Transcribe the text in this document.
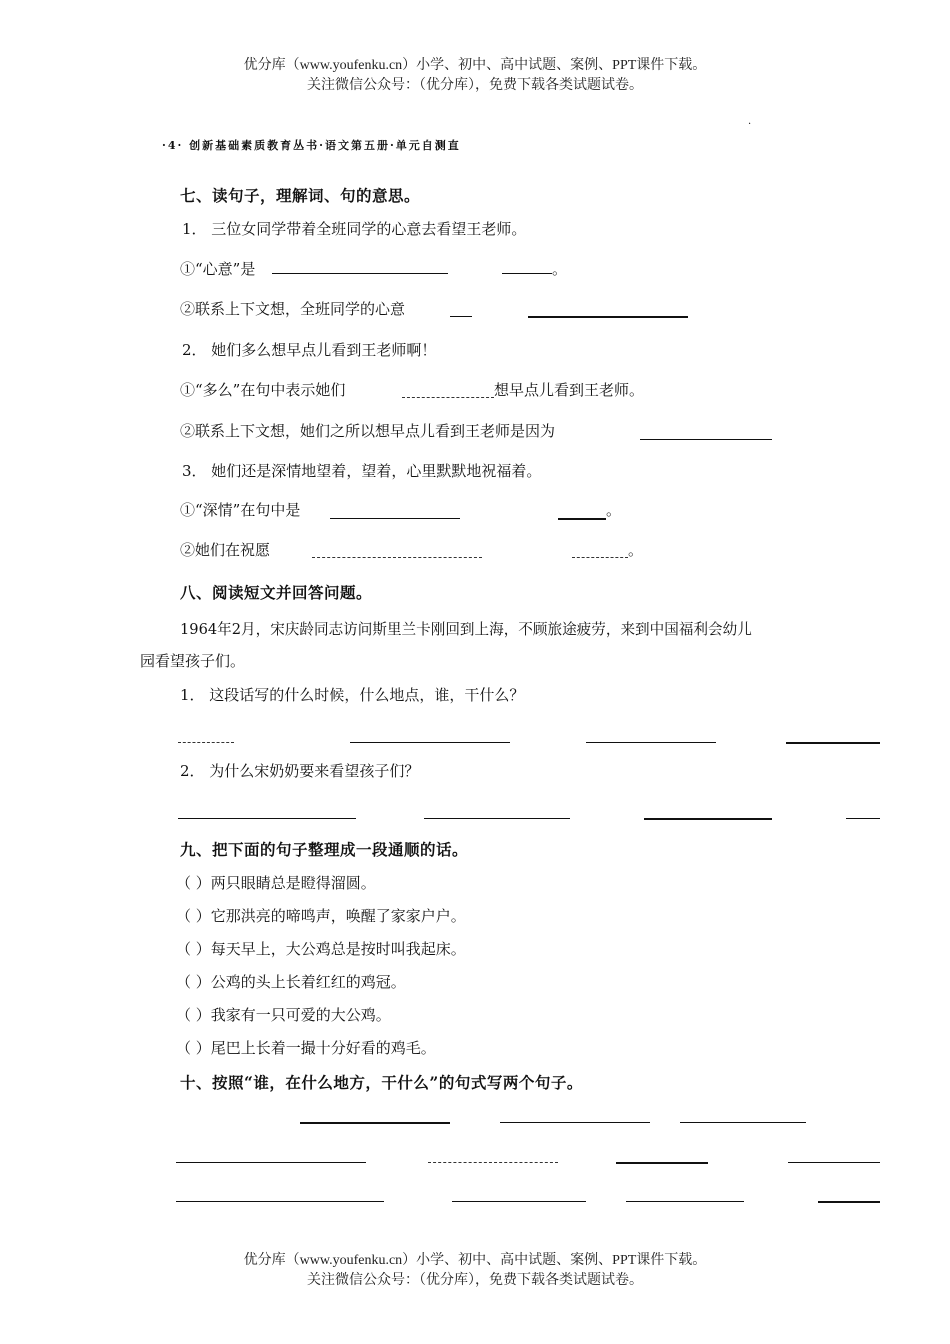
优分库（www.youfenku.cn）小学、初中、高中试题、案例、PPT课件下载。
关注微信公众号：（优分库），免费下载各类试题试卷。
.
·4· 创新基础素质教育丛书·语文第五册·单元自测直
七、读句子，理解词、句的意思。
1． 三位女同学带着全班同学的心意去看望王老师。
①“心意”是	。
②联系上下文想，全班同学的心意
2． 她们多么想早点儿看到王老师啊！
①“多么”在句中表示她们	想早点儿看到王老师。
②联系上下文想，她们之所以想早点儿看到王老师是因为
3． 她们还是深情地望着，望着，心里默默地祝福着。
①“深情”在句中是	。
②她们在祝愿	。
八、阅读短文并回答问题。
1964年2月，宋庆龄同志访问斯里兰卡刚回到上海，不顾旅途疲劳，来到中国福利会幼儿
园看望孩子们。
1． 这段话写的什么时候，什么地点，谁，干什么？
2． 为什么宋奶奶要来看望孩子们？
九、把下面的句子整理成一段通顺的话。
（ ）两只眼睛总是瞪得溜圆。
（ ）它那洪亮的啼鸣声，唤醒了家家户户。
（ ）每天早上，大公鸡总是按时叫我起床。
（ ）公鸡的头上长着红红的鸡冠。
（ ）我家有一只可爱的大公鸡。
（ ）尾巴上长着一撮十分好看的鸡毛。
十、按照“谁，在什么地方，干什么”的句式写两个句子。
优分库（www.youfenku.cn）小学、初中、高中试题、案例、PPT课件下载。
关注微信公众号：（优分库），免费下载各类试题试卷。
